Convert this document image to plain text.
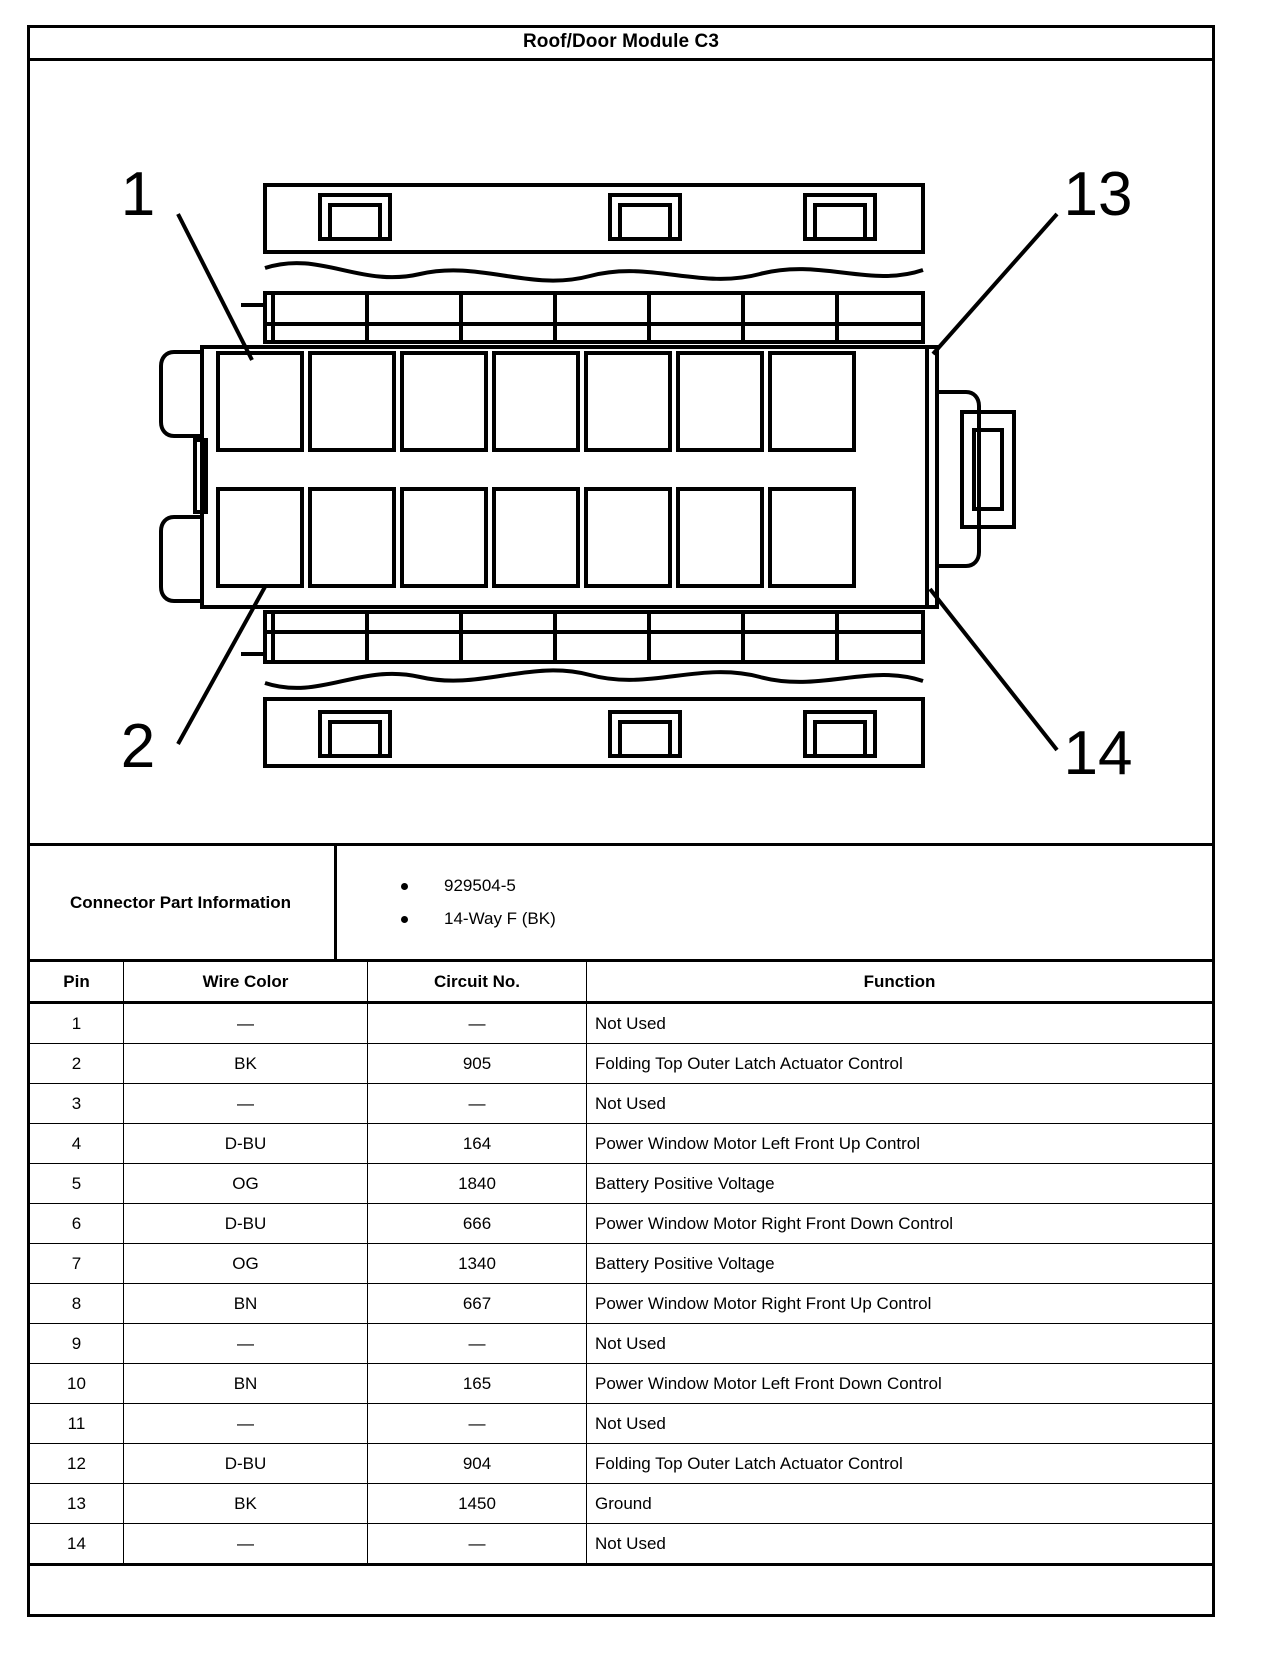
Roof/Door Module C3
1
2
13
14
Connector Part Information
929504-5
14-Way F (BK)
Pin	Wire Color	Circuit No.	Function
1	—	—	Not Used
2	BK	905	Folding Top Outer Latch Actuator Control
3	—	—	Not Used
4	D-BU	164	Power Window Motor Left Front Up Control
5	OG	1840	Battery Positive Voltage
6	D-BU	666	Power Window Motor Right Front Down Control
7	OG	1340	Battery Positive Voltage
8	BN	667	Power Window Motor Right Front Up Control
9	—	—	Not Used
10	BN	165	Power Window Motor Left Front Down Control
11	—	—	Not Used
12	D-BU	904	Folding Top Outer Latch Actuator Control
13	BK	1450	Ground
14	—	—	Not Used
